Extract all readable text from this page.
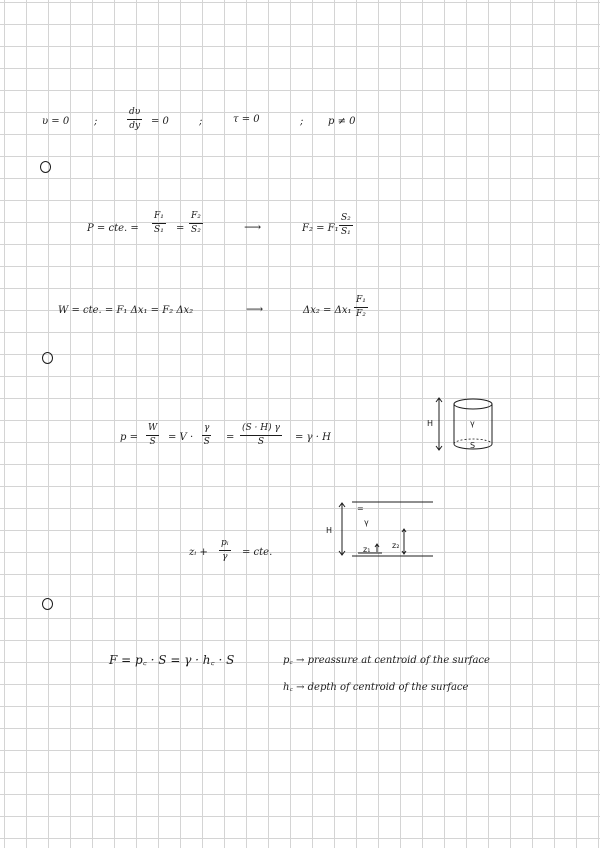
υ = 0 ;	$\frac{d\upsilon}{dy} = 0$	;	τ = 0	; p ≠ 0
P = cte. = $\frac{\text{F₁}}{\text{S₁}} = \frac{\text{F₂}}{\text{S₂}}$	⟶	$F_2 = F_1 \frac{\text{S₂}}{\text{S₁}}$
W = cte. = F₁ Δx₁ = F₂ Δx₂	⟶	$\Delta x_2 = \Delta x_1 \frac{\text{F₁}}{\text{F₂}}$
$p = \frac{W}{S} = V \cdot \frac{\gamma}{S} = \frac{(S \cdot H) \gamma}{S} = \gamma \cdot H$
H	γ
S
zᵢ + $\frac{\text{pᵢ}}{\gamma}$ = cte.
H
=
γ
z₁	z₂
F = p꜀ · S = γ · h꜀ · S	p꜀ → preassure at centroid of the surface
h꜀ → depth of centroid of the surface
